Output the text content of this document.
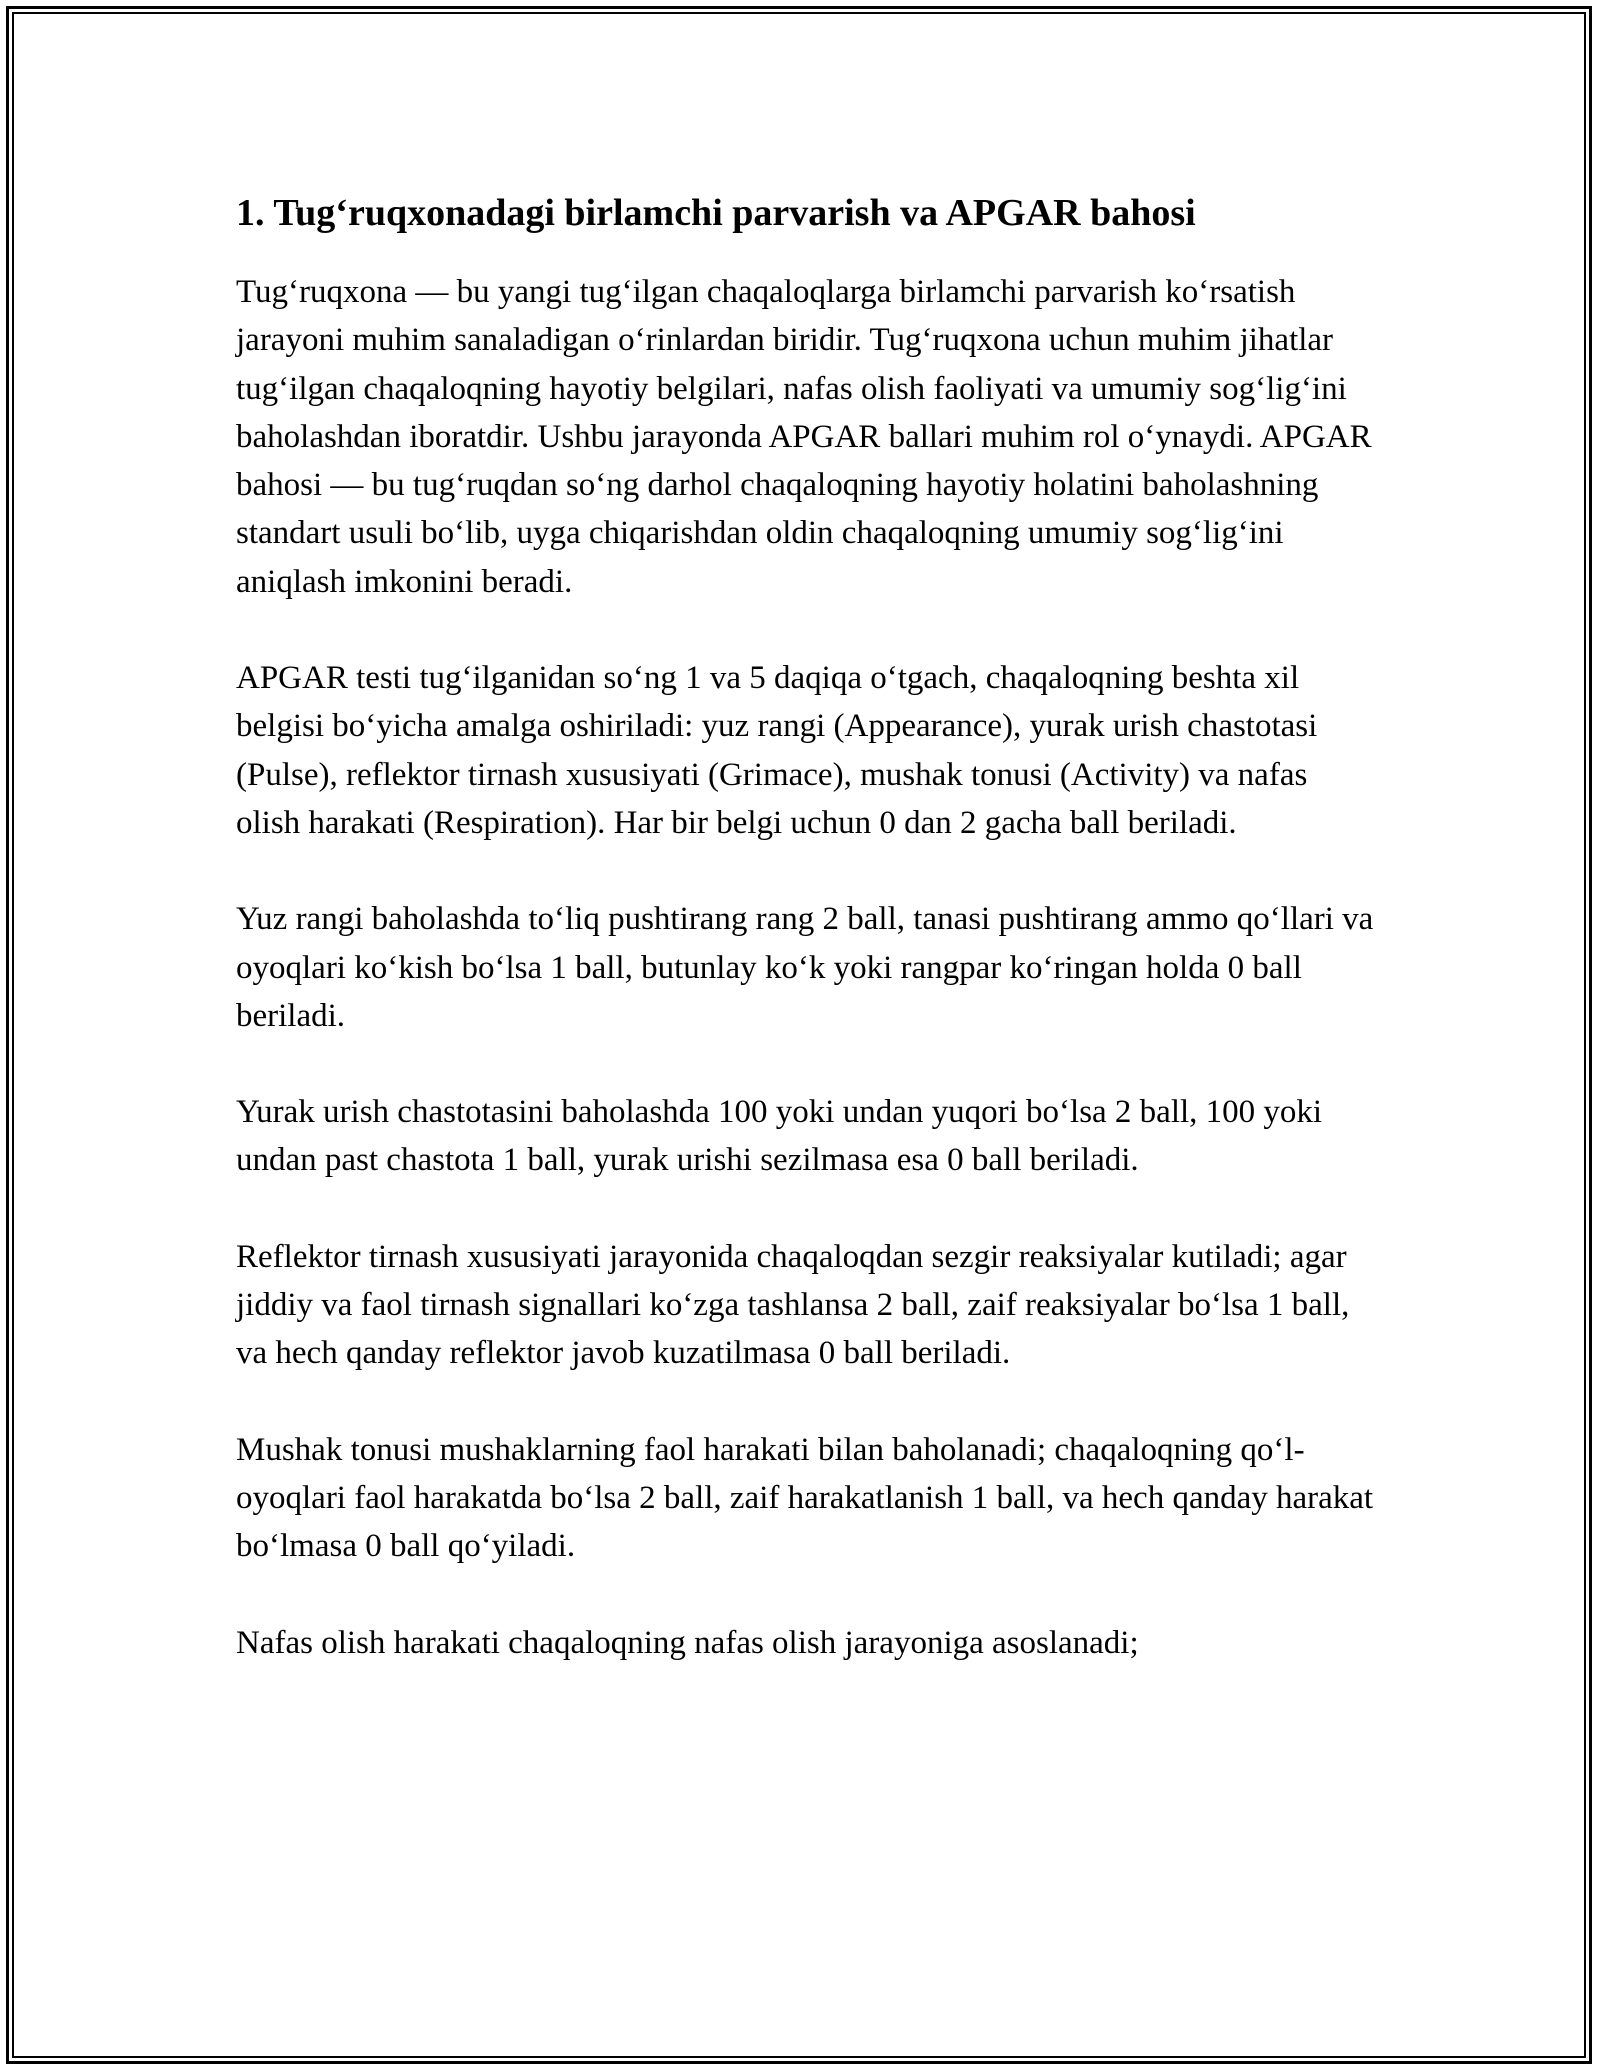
1. Tug‘ruqxonadagi birlamchi parvarish va APGAR bahosi

Tug‘ruqxona — bu yangi tug‘ilgan chaqaloqlarga birlamchi parvarish ko‘rsatish jarayoni muhim sanaladigan o‘rinlardan biridir. Tug‘ruqxona uchun muhim jihatlar tug‘ilgan chaqaloqning hayotiy belgilari, nafas olish faoliyati va umumiy sog‘lig‘ini baholashdan iboratdir. Ushbu jarayonda APGAR ballari muhim rol o‘ynaydi. APGAR bahosi — bu tug‘ruqdan so‘ng darhol chaqaloqning hayotiy holatini baholashning standart usuli bo‘lib, uyga chiqarishdan oldin chaqaloqning umumiy sog‘lig‘ini aniqlash imkonini beradi.

APGAR testi tug‘ilganidan so‘ng 1 va 5 daqiqa o‘tgach, chaqaloqning beshta xil belgisi bo‘yicha amalga oshiriladi: yuz rangi (Appearance), yurak urish chastotasi (Pulse), reflektor tirnash xususiyati (Grimace), mushak tonusi (Activity) va nafas olish harakati (Respiration). Har bir belgi uchun 0 dan 2 gacha ball beriladi.

Yuz rangi baholashda to‘liq pushtirang rang 2 ball, tanasi pushtirang ammo qo‘llari va oyoqlari ko‘kish bo‘lsa 1 ball, butunlay ko‘k yoki rangpar ko‘ringan holda 0 ball beriladi.

Yurak urish chastotasini baholashda 100 yoki undan yuqori bo‘lsa 2 ball, 100 yoki undan past chastota 1 ball, yurak urishi sezilmasa esa 0 ball beriladi.

Reflektor tirnash xususiyati jarayonida chaqaloqdan sezgir reaksiyalar kutiladi; agar jiddiy va faol tirnash signallari ko‘zga tashlansa 2 ball, zaif reaksiyalar bo‘lsa 1 ball, va hech qanday reflektor javob kuzatilmasa 0 ball beriladi.

Mushak tonusi mushaklarning faol harakati bilan baholanadi; chaqaloqning qo‘l-oyoqlari faol harakatda bo‘lsa 2 ball, zaif harakatlanish 1 ball, va hech qanday harakat bo‘lmasa 0 ball qo‘yiladi.

Nafas olish harakati chaqaloqning nafas olish jarayoniga asoslanadi;
